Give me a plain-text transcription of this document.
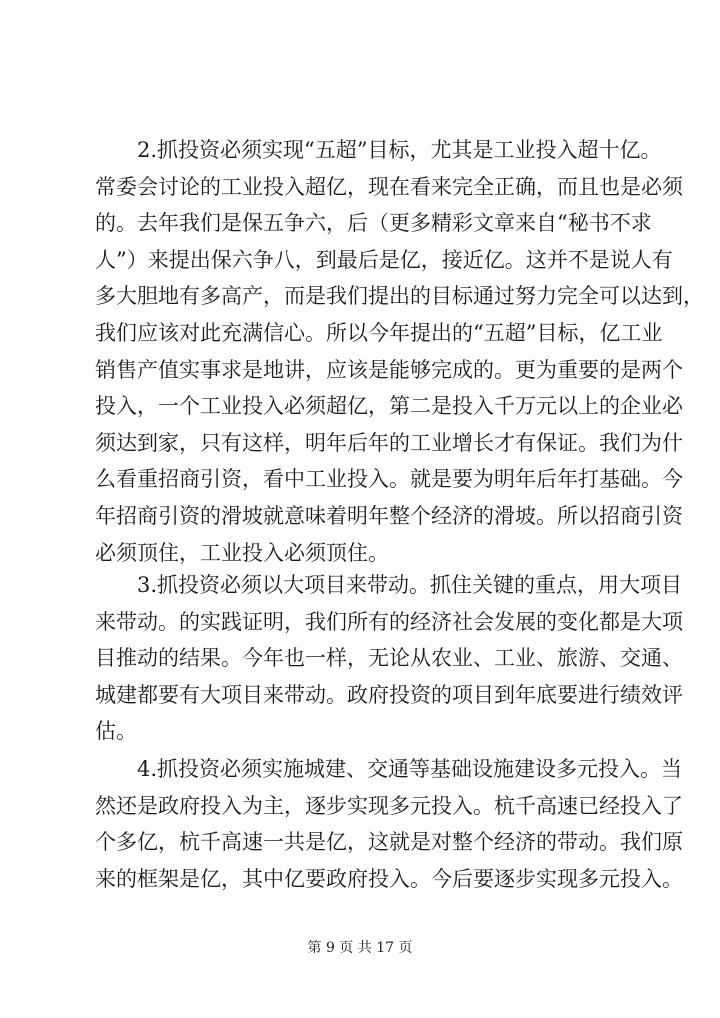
2.抓投资必须实现“五超”目标，尤其是工业投入超十亿。
常委会讨论的工业投入超亿，现在看来完全正确，而且也是必须
的。去年我们是保五争六，后（更多精彩文章来自“秘书不求
人”）来提出保六争八，到最后是亿，接近亿。这并不是说人有
多大胆地有多高产，而是我们提出的目标通过努力完全可以达到，
我们应该对此充满信心。所以今年提出的“五超”目标，亿工业
销售产值实事求是地讲，应该是能够完成的。更为重要的是两个
投入，一个工业投入必须超亿，第二是投入千万元以上的企业必
须达到家，只有这样，明年后年的工业增长才有保证。我们为什
么看重招商引资，看中工业投入。就是要为明年后年打基础。今
年招商引资的滑坡就意味着明年整个经济的滑坡。所以招商引资
必须顶住，工业投入必须顶住。
3.抓投资必须以大项目来带动。抓住关键的重点，用大项目
来带动。的实践证明，我们所有的经济社会发展的变化都是大项
目推动的结果。今年也一样，无论从农业、工业、旅游、交通、
城建都要有大项目来带动。政府投资的项目到年底要进行绩效评
估。
4.抓投资必须实施城建、交通等基础设施建设多元投入。当
然还是政府投入为主，逐步实现多元投入。杭千高速已经投入了
个多亿，杭千高速一共是亿，这就是对整个经济的带动。我们原
来的框架是亿，其中亿要政府投入。今后要逐步实现多元投入。
第 9 页 共 17 页
